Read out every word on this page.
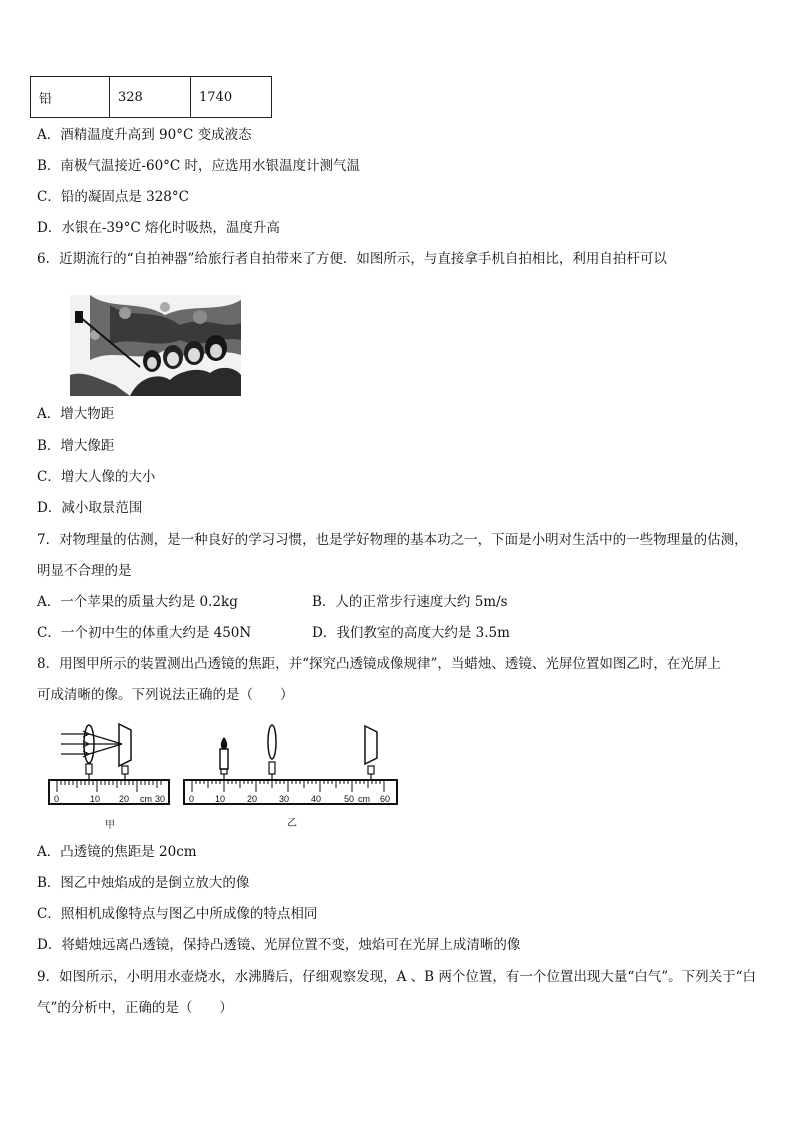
铅	328	1740
A．酒精温度升高到 90°C 变成液态
B．南极气温接近-60°C 时，应选用水银温度计测气温
C．铅的凝固点是 328°C
D．水银在-39°C 熔化时吸热，温度升高
6．近期流行的“自拍神器”给旅行者自拍带来了方便．如图所示，与直接拿手机自拍相比，利用自拍杆可以
A．增大物距
B．增大像距
C．增大人像的大小
D．减小取景范围
7．对物理量的估测，是一种良好的学习习惯，也是学好物理的基本功之一，下面是小明对生活中的一些物理量的估测，
明显不合理的是
A．一个苹果的质量大约是 0.2kg	B．人的正常步行速度大约 5m/s
C．一个初中生的体重大约是 450N	D．我们教室的高度大约是 3.5m
8．用图甲所示的装置测出凸透镜的焦距，并“探究凸透镜成像规律”，当蜡烛、透镜、光屏位置如图乙时，在光屏上
可成清晰的像。下列说法正确的是（　　）
0	10 20 cm 30
甲
0 10 20 30 40	50 cm 60
乙
A．凸透镜的焦距是 20cm
B．图乙中烛焰成的是倒立放大的像
C．照相机成像特点与图乙中所成像的特点相同
D．将蜡烛远离凸透镜，保持凸透镜、光屏位置不变，烛焰可在光屏上成清晰的像
9．如图所示，小明用水壶烧水，水沸腾后，仔细观察发现，A 、B 两个位置，有一个位置出现大量“白气”。下列关于“白
气”的分析中，正确的是（　　）
